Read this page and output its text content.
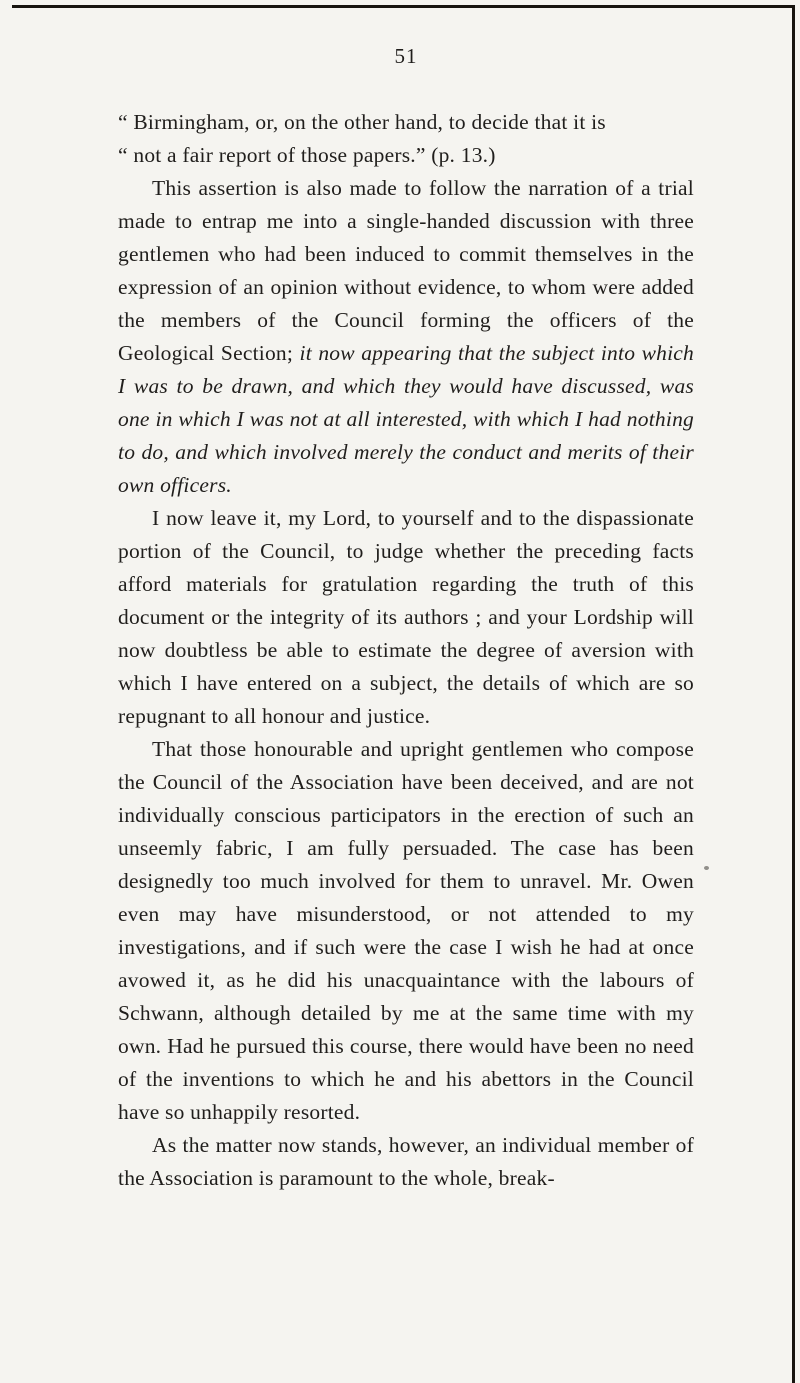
51

“ Birmingham, or, on the other hand, to decide that it is
“ not a fair report of those papers.” (p. 13.)

This assertion is also made to follow the narration of a trial made to entrap me into a single-handed discussion with three gentlemen who had been induced to commit themselves in the expression of an opinion without evidence, to whom were added the members of the Council forming the officers of the Geological Section; it now appearing that the subject into which I was to be drawn, and which they would have discussed, was one in which I was not at all interested, with which I had nothing to do, and which involved merely the conduct and merits of their own officers.

I now leave it, my Lord, to yourself and to the dispassionate portion of the Council, to judge whether the preceding facts afford materials for gratulation regarding the truth of this document or the integrity of its authors ; and your Lordship will now doubtless be able to estimate the degree of aversion with which I have entered on a subject, the details of which are so repugnant to all honour and justice.

That those honourable and upright gentlemen who compose the Council of the Association have been deceived, and are not individually conscious participators in the erection of such an unseemly fabric, I am fully persuaded. The case has been designedly too much involved for them to unravel. Mr. Owen even may have misunderstood, or not attended to my investigations, and if such were the case I wish he had at once avowed it, as he did his unacquaintance with the labours of Schwann, although detailed by me at the same time with my own. Had he pursued this course, there would have been no need of the inventions to which he and his abettors in the Council have so unhappily resorted.

As the matter now stands, however, an individual member of the Association is paramount to the whole, break-
